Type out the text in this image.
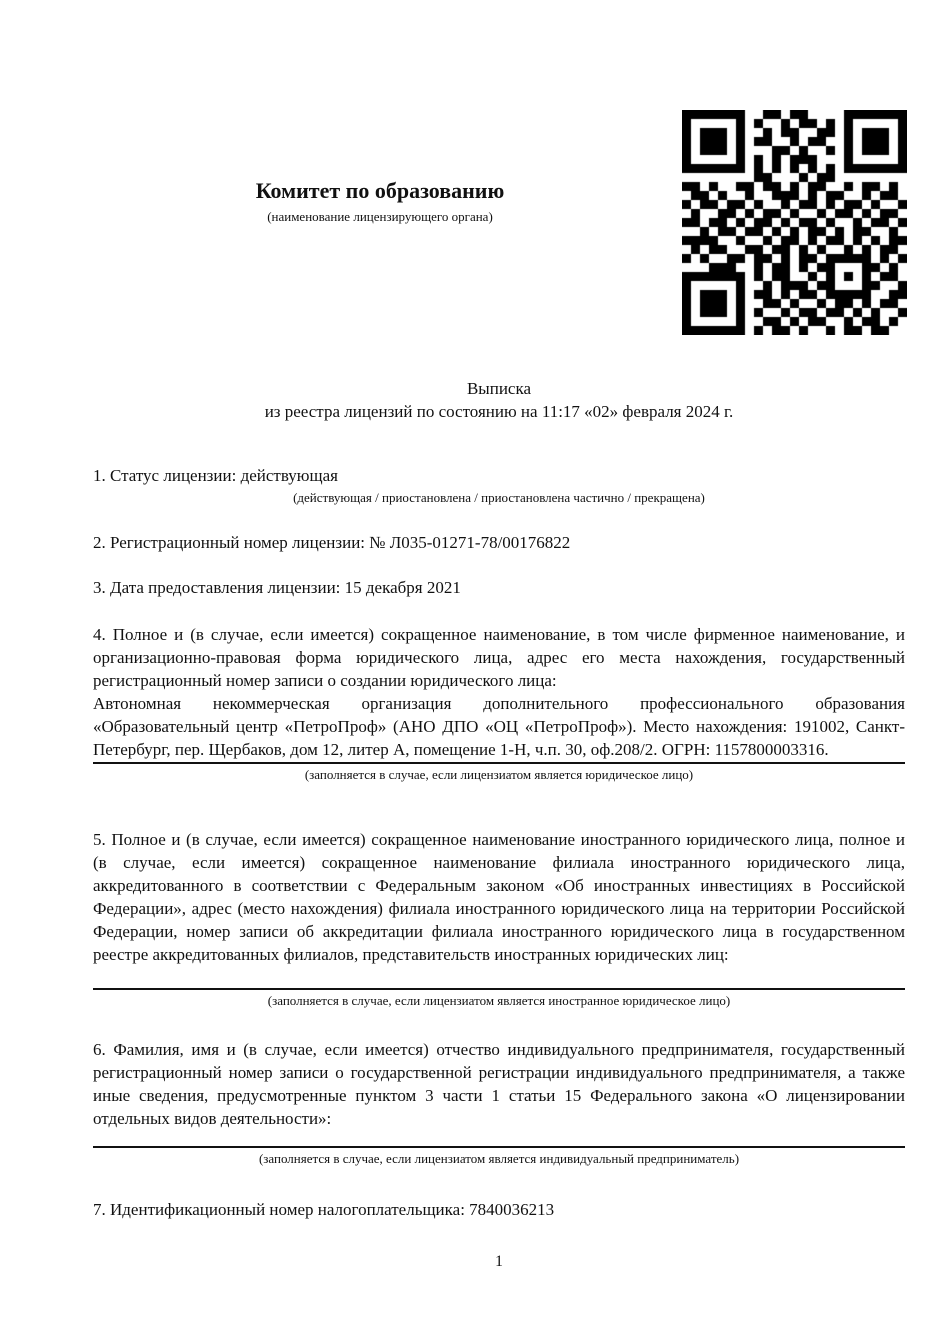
Комитет по образованию
(наименование лицензирующего органа)
Выписка
из реестра лицензий по состоянию на 11:17 «02» февраля 2024 г.
1. Статус лицензии: действующая
(действующая / приостановлена / приостановлена частично / прекращена)
2. Регистрационный номер лицензии: № Л035-01271-78/00176822
3. Дата предоставления лицензии: 15 декабря 2021

4. Полное и (в случае, если имеется) сокращенное наименование, в том числе фирменное наименование, и организационно-правовая форма юридического лица, адрес его места нахождения, государственный регистрационный номер записи о создании юридического лица:

Автономная некоммерческая организация дополнительного профессионального образования «Образовательный центр «ПетроПроф» (АНО ДПО «ОЦ «ПетроПроф»). Место нахождения: 191002, Санкт-Петербург, пер. Щербаков, дом 12, литер А, помещение 1-Н, ч.п. 30, оф.208/2. ОГРН: 1157800003316.

(заполняется в случае, если лицензиатом является юридическое лицо)

5. Полное и (в случае, если имеется) сокращенное наименование иностранного юридического лица, полное и (в случае, если имеется) сокращенное наименование филиала иностранного юридического лица, аккредитованного в соответствии с Федеральным законом «Об иностранных инвестициях в Российской Федерации», адрес (место нахождения) филиала иностранного юридического лица на территории Российской Федерации, номер записи об аккредитации филиала иностранного юридического лица в государственном реестре аккредитованных филиалов, представительств иностранных юридических лиц:

(заполняется в случае, если лицензиатом является иностранное юридическое лицо)

6. Фамилия, имя и (в случае, если имеется) отчество индивидуального предпринимателя, государственный регистрационный номер записи о государственной регистрации индивидуального предпринимателя, а также иные сведения, предусмотренные пунктом 3 части 1 статьи 15 Федерального закона «О лицензировании отдельных видов деятельности»:

(заполняется в случае, если лицензиатом является индивидуальный предприниматель)
7. Идентификационный номер налогоплательщика: 7840036213
1
